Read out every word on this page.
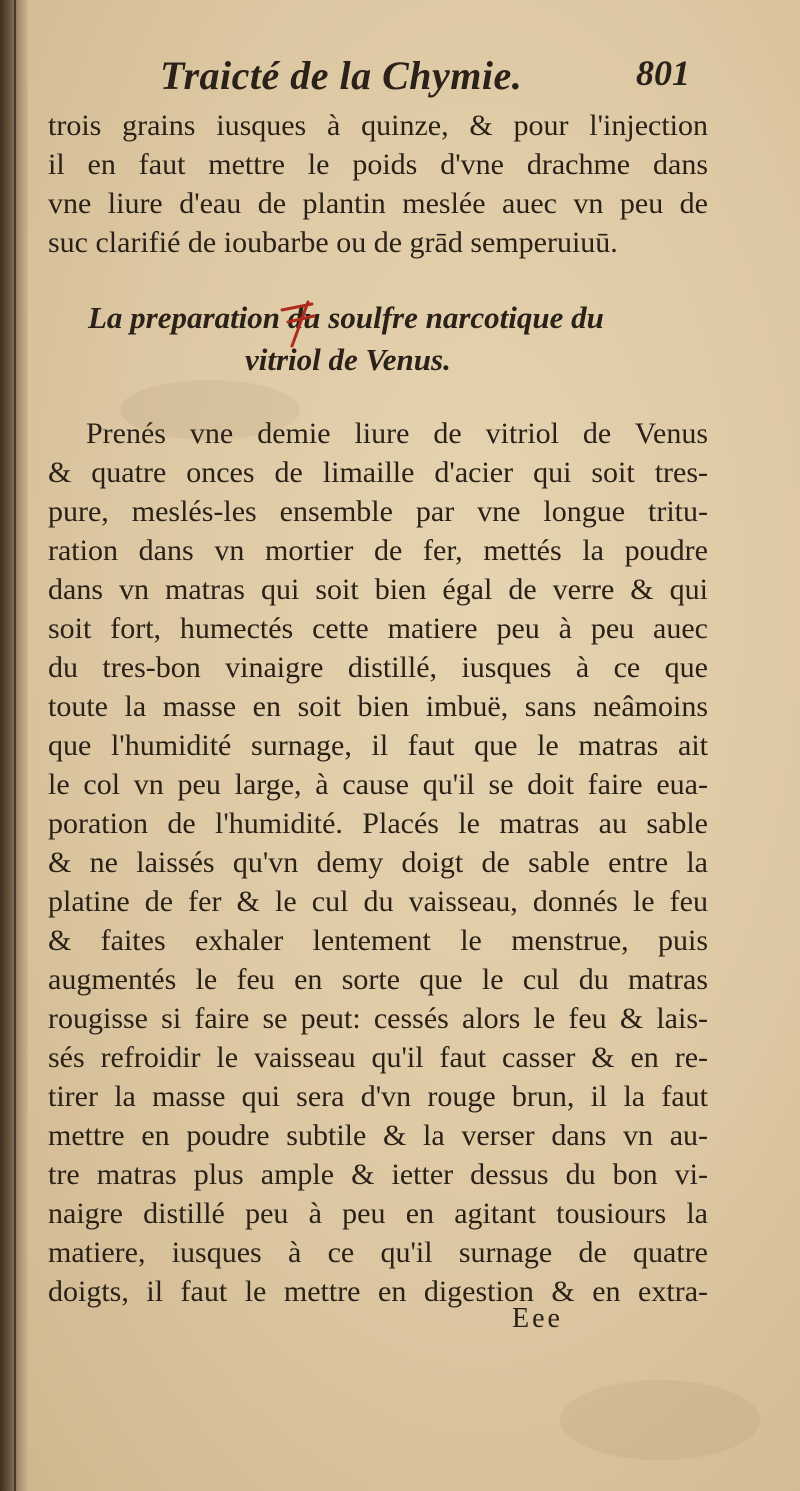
Traicté de la Chymie.	801
trois grains iusques à quinze, & pour l'injection
il en faut mettre le poids d'vne drachme dans
vne liure d'eau de plantin meslée auec vn peu de
suc clarifié de ioubarbe ou de grād semperuiuū.
La preparation du soulfre narcotique du
vitriol de Venus.
Prenés vne demie liure de vitriol de Venus
& quatre onces de limaille d'acier qui soit tres-
pure, meslés-les ensemble par vne longue tritu-
ration dans vn mortier de fer, mettés la poudre
dans vn matras qui soit bien égal de verre & qui
soit fort, humectés cette matiere peu à peu auec
du tres-bon vinaigre distillé, iusques à ce que
toute la masse en soit bien imbuë, sans neâmoins
que l'humidité surnage, il faut que le matras ait
le col vn peu large, à cause qu'il se doit faire eua-
poration de l'humidité. Placés le matras au sable
& ne laissés qu'vn demy doigt de sable entre la
platine de fer & le cul du vaisseau, donnés le feu
& faites exhaler lentement le menstrue, puis
augmentés le feu en sorte que le cul du matras
rougisse si faire se peut: cessés alors le feu & lais-
sés refroidir le vaisseau qu'il faut casser & en re-
tirer la masse qui sera d'vn rouge brun, il la faut
mettre en poudre subtile & la verser dans vn au-
tre matras plus ample & ietter dessus du bon vi-
naigre distillé peu à peu en agitant tousiours la
matiere, iusques à ce qu'il surnage de quatre
doigts, il faut le mettre en digestion & en extra-
Eee
